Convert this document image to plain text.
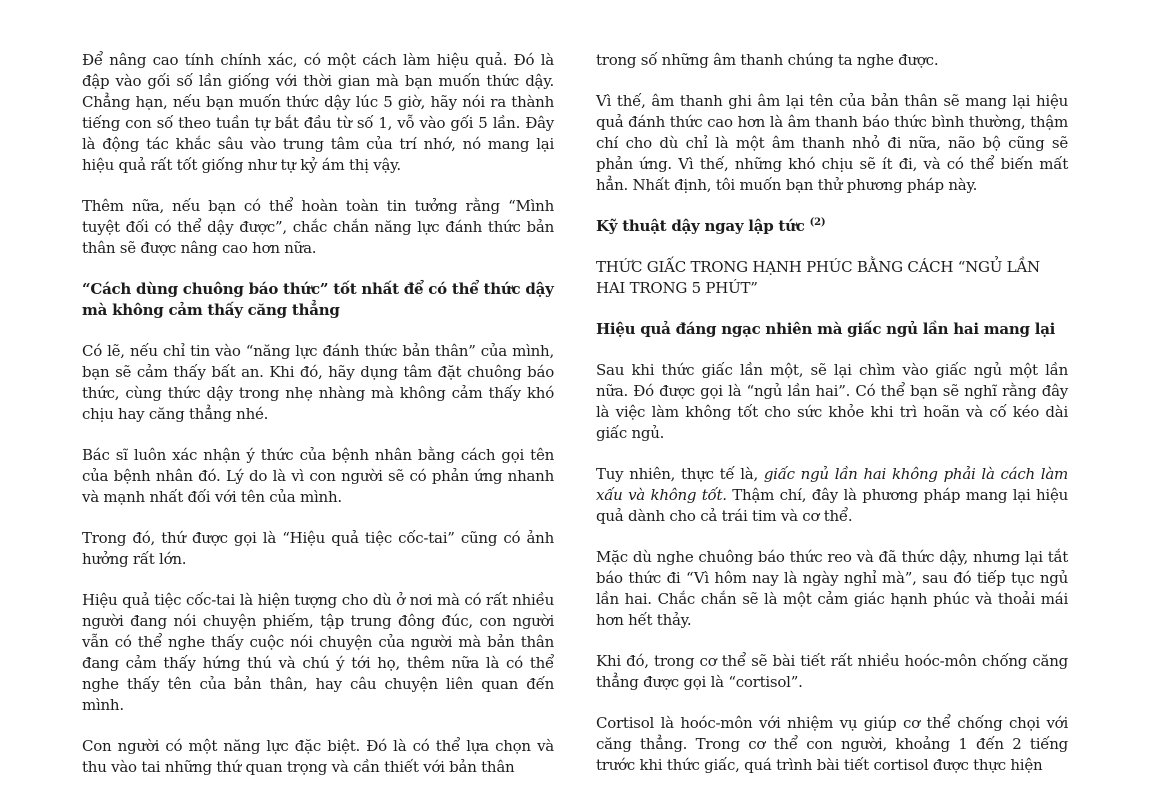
Để nâng cao tính chính xác, có một cách làm hiệu quả. Đó là đập vào gối số lần giống với thời gian mà bạn muốn thức dậy. Chẳng hạn, nếu bạn muốn thức dậy lúc 5 giờ, hãy nói ra thành tiếng con số theo tuần tự bắt đầu từ số 1, vỗ vào gối 5 lần. Đây là động tác khắc sâu vào trung tâm của trí nhớ, nó mang lại hiệu quả rất tốt giống như tự kỷ ám thị vậy.

Thêm nữa, nếu bạn có thể hoàn toàn tin tưởng rằng “Mình tuyệt đối có thể dậy được”, chắc chắn năng lực đánh thức bản thân sẽ được nâng cao hơn nữa.

“Cách dùng chuông báo thức” tốt nhất để có thể thức dậy mà không cảm thấy căng thẳng

Có lẽ, nếu chỉ tin vào “năng lực đánh thức bản thân” của mình, bạn sẽ cảm thấy bất an. Khi đó, hãy dụng tâm đặt chuông báo thức, cùng thức dậy trong nhẹ nhàng mà không cảm thấy khó chịu hay căng thẳng nhé.

Bác sĩ luôn xác nhận ý thức của bệnh nhân bằng cách gọi tên của bệnh nhân đó. Lý do là vì con người sẽ có phản ứng nhanh và mạnh nhất đối với tên của mình.

Trong đó, thứ được gọi là “Hiệu quả tiệc cốc-tai” cũng có ảnh hưởng rất lớn.

Hiệu quả tiệc cốc-tai là hiện tượng cho dù ở nơi mà có rất nhiều người đang nói chuyện phiếm, tập trung đông đúc, con người vẫn có thể nghe thấy cuộc nói chuyện của người mà bản thân đang cảm thấy hứng thú và chú ý tới họ, thêm nữa là có thể nghe thấy tên của bản thân, hay câu chuyện liên quan đến mình.

Con người có một năng lực đặc biệt. Đó là có thể lựa chọn và thu vào tai những thứ quan trọng và cần thiết với bản thân

trong số những âm thanh chúng ta nghe được.

Vì thế, âm thanh ghi âm lại tên của bản thân sẽ mang lại hiệu quả đánh thức cao hơn là âm thanh báo thức bình thường, thậm chí cho dù chỉ là một âm thanh nhỏ đi nữa, não bộ cũng sẽ phản ứng. Vì thế, những khó chịu sẽ ít đi, và có thể biến mất hẳn. Nhất định, tôi muốn bạn thử phương pháp này.

Kỹ thuật dậy ngay lập tức $^{(2)}$

THỨC GIẤC TRONG HẠNH PHÚC BẰNG CÁCH “NGỦ LẦN HAI TRONG 5 PHÚT”

Hiệu quả đáng ngạc nhiên mà giấc ngủ lần hai mang lại

Sau khi thức giấc lần một, sẽ lại chìm vào giấc ngủ một lần nữa. Đó được gọi là “ngủ lần hai”. Có thể bạn sẽ nghĩ rằng đây là việc làm không tốt cho sức khỏe khi trì hoãn và cố kéo dài giấc ngủ.

Tuy nhiên, thực tế là, giấc ngủ lần hai không phải là cách làm xấu và không tốt. Thậm chí, đây là phương pháp mang lại hiệu quả dành cho cả trái tim và cơ thể.

Mặc dù nghe chuông báo thức reo và đã thức dậy, nhưng lại tắt báo thức đi “Vì hôm nay là ngày nghỉ mà”, sau đó tiếp tục ngủ lần hai. Chắc chắn sẽ là một cảm giác hạnh phúc và thoải mái hơn hết thảy.

Khi đó, trong cơ thể sẽ bài tiết rất nhiều hoóc-môn chống căng thẳng được gọi là “cortisol”.

Cortisol là hoóc-môn với nhiệm vụ giúp cơ thể chống chọi với căng thẳng. Trong cơ thể con người, khoảng 1 đến 2 tiếng trước khi thức giấc, quá trình bài tiết cortisol được thực hiện
